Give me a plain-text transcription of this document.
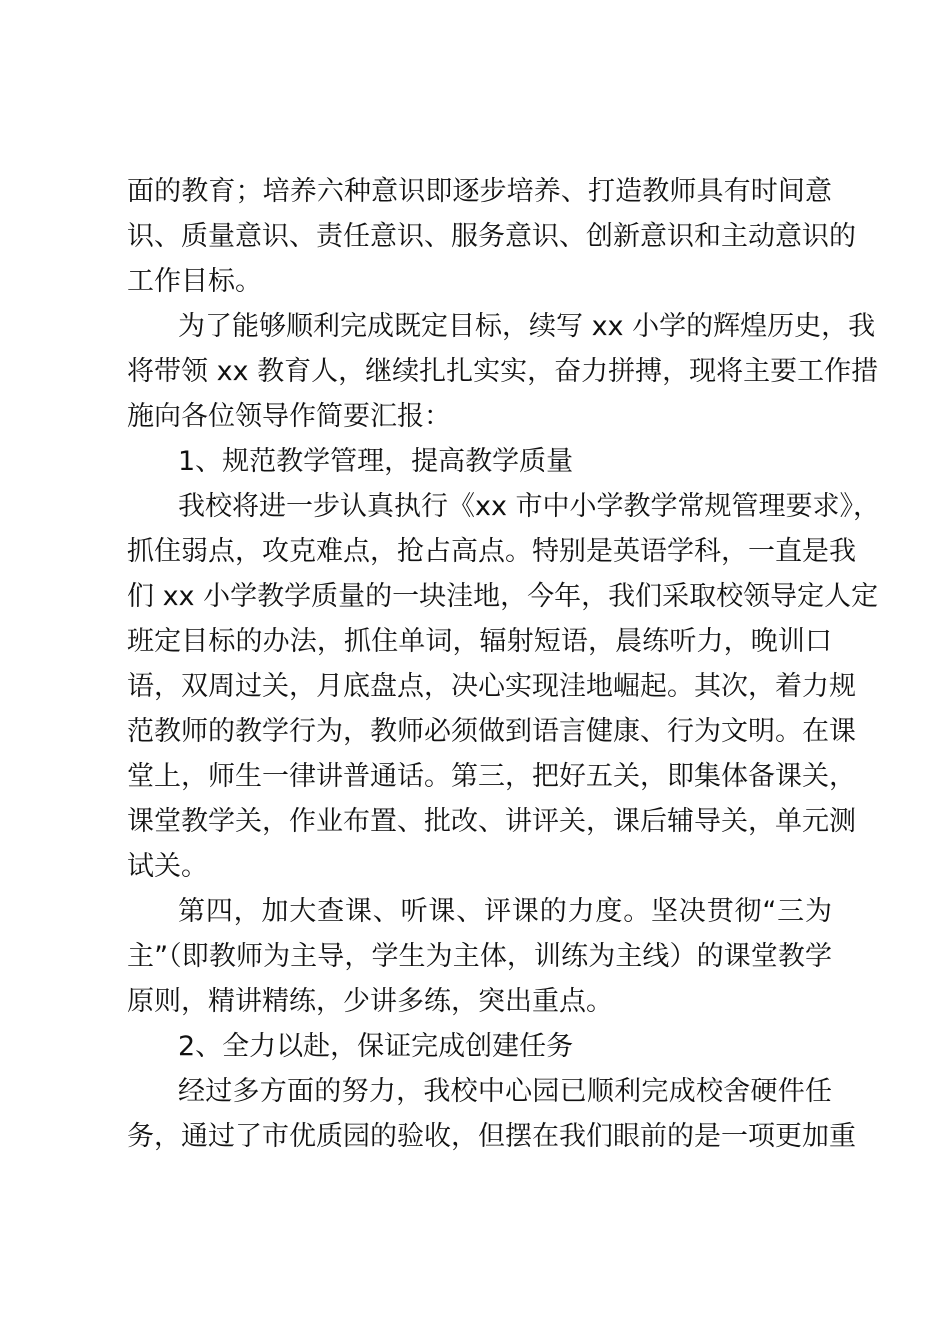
面的教育；培养六种意识即逐步培养、打造教师具有时间意
识、质量意识、责任意识、服务意识、创新意识和主动意识的
工作目标。
为了能够顺利完成既定目标，续写 xx 小学的辉煌历史，我
将带领 xx 教育人，继续扎扎实实，奋力拼搏，现将主要工作措
施向各位领导作简要汇报：
1、规范教学管理，提高教学质量
我校将进一步认真执行《xx 市中小学教学常规管理要求》，
抓住弱点，攻克难点，抢占高点。特别是英语学科，一直是我
们 xx 小学教学质量的一块洼地，今年，我们采取校领导定人定
班定目标的办法，抓住单词，辐射短语，晨练听力，晚训口
语，双周过关，月底盘点，决心实现洼地崛起。其次，着力规
范教师的教学行为，教师必须做到语言健康、行为文明。在课
堂上，师生一律讲普通话。第三，把好五关，即集体备课关，
课堂教学关，作业布置、批改、讲评关，课后辅导关，单元测
试关。
第四，加大查课、听课、评课的力度。坚决贯彻“三为
主”（即教师为主导，学生为主体，训练为主线）的课堂教学
原则，精讲精练，少讲多练，突出重点。
2、全力以赴，保证完成创建任务
经过多方面的努力，我校中心园已顺利完成校舍硬件任
务，通过了市优质园的验收，但摆在我们眼前的是一项更加重
